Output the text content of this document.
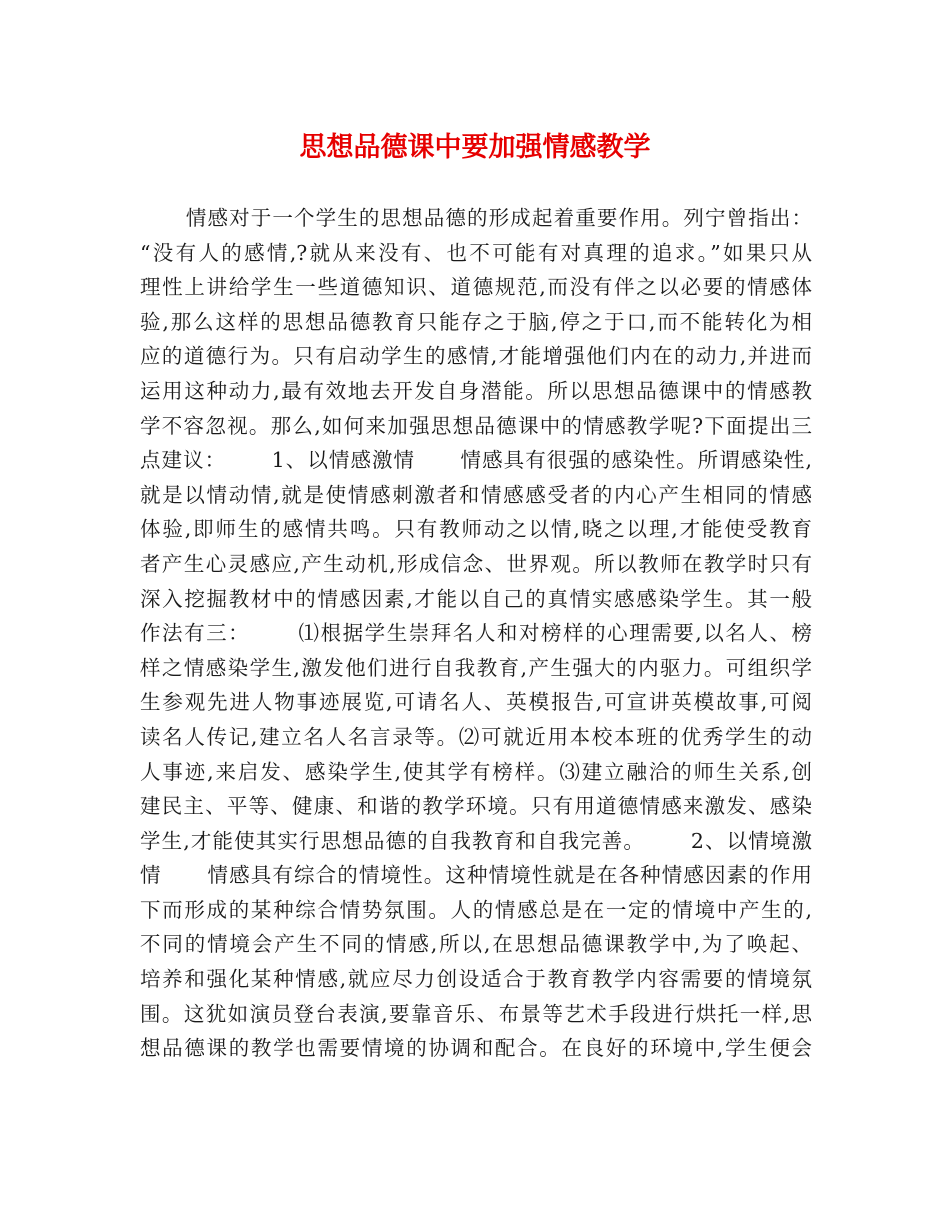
思想品德课中要加强情感教学
情感对于一个学生的思想品德的形成起着重要作用。列宁曾指出：
“没有人的感情,?就从来没有、也不可能有对真理的追求。”如果只从
理性上讲给学生一些道德知识、道德规范,而没有伴之以必要的情感体
验,那么这样的思想品德教育只能存之于脑,停之于口,而不能转化为相
应的道德行为。只有启动学生的感情,才能增强他们内在的动力,并进而
运用这种动力,最有效地去开发自身潜能。所以思想品德课中的情感教
学不容忽视。那么,如何来加强思想品德课中的情感教学呢?下面提出三
点建议：      1、以情感激情      情感具有很强的感染性。所谓感染性,
就是以情动情,就是使情感刺激者和情感感受者的内心产生相同的情感
体验,即师生的感情共鸣。只有教师动之以情,晓之以理,才能使受教育
者产生心灵感应,产生动机,形成信念、世界观。所以教师在教学时只有
深入挖掘教材中的情感因素,才能以自己的真情实感感染学生。其一般
作法有三：      ⑴根据学生崇拜名人和对榜样的心理需要,以名人、榜
样之情感染学生,激发他们进行自我教育,产生强大的内驱力。可组织学
生参观先进人物事迹展览,可请名人、英模报告,可宣讲英模故事,可阅
读名人传记,建立名人名言录等。⑵可就近用本校本班的优秀学生的动
人事迹,来启发、感染学生,使其学有榜样。⑶建立融洽的师生关系,创
建民主、平等、健康、和谐的教学环境。只有用道德情感来激发、感染
学生,才能使其实行思想品德的自我教育和自我完善。      2、以情境激
情      情感具有综合的情境性。这种情境性就是在各种情感因素的作用
下而形成的某种综合情势氛围。人的情感总是在一定的情境中产生的,
不同的情境会产生不同的情感,所以,在思想品德课教学中,为了唤起、
培养和强化某种情感,就应尽力创设适合于教育教学内容需要的情境氛
围。这犹如演员登台表演,要靠音乐、布景等艺术手段进行烘托一样,思
想品德课的教学也需要情境的协调和配合。在良好的环境中,学生便会
